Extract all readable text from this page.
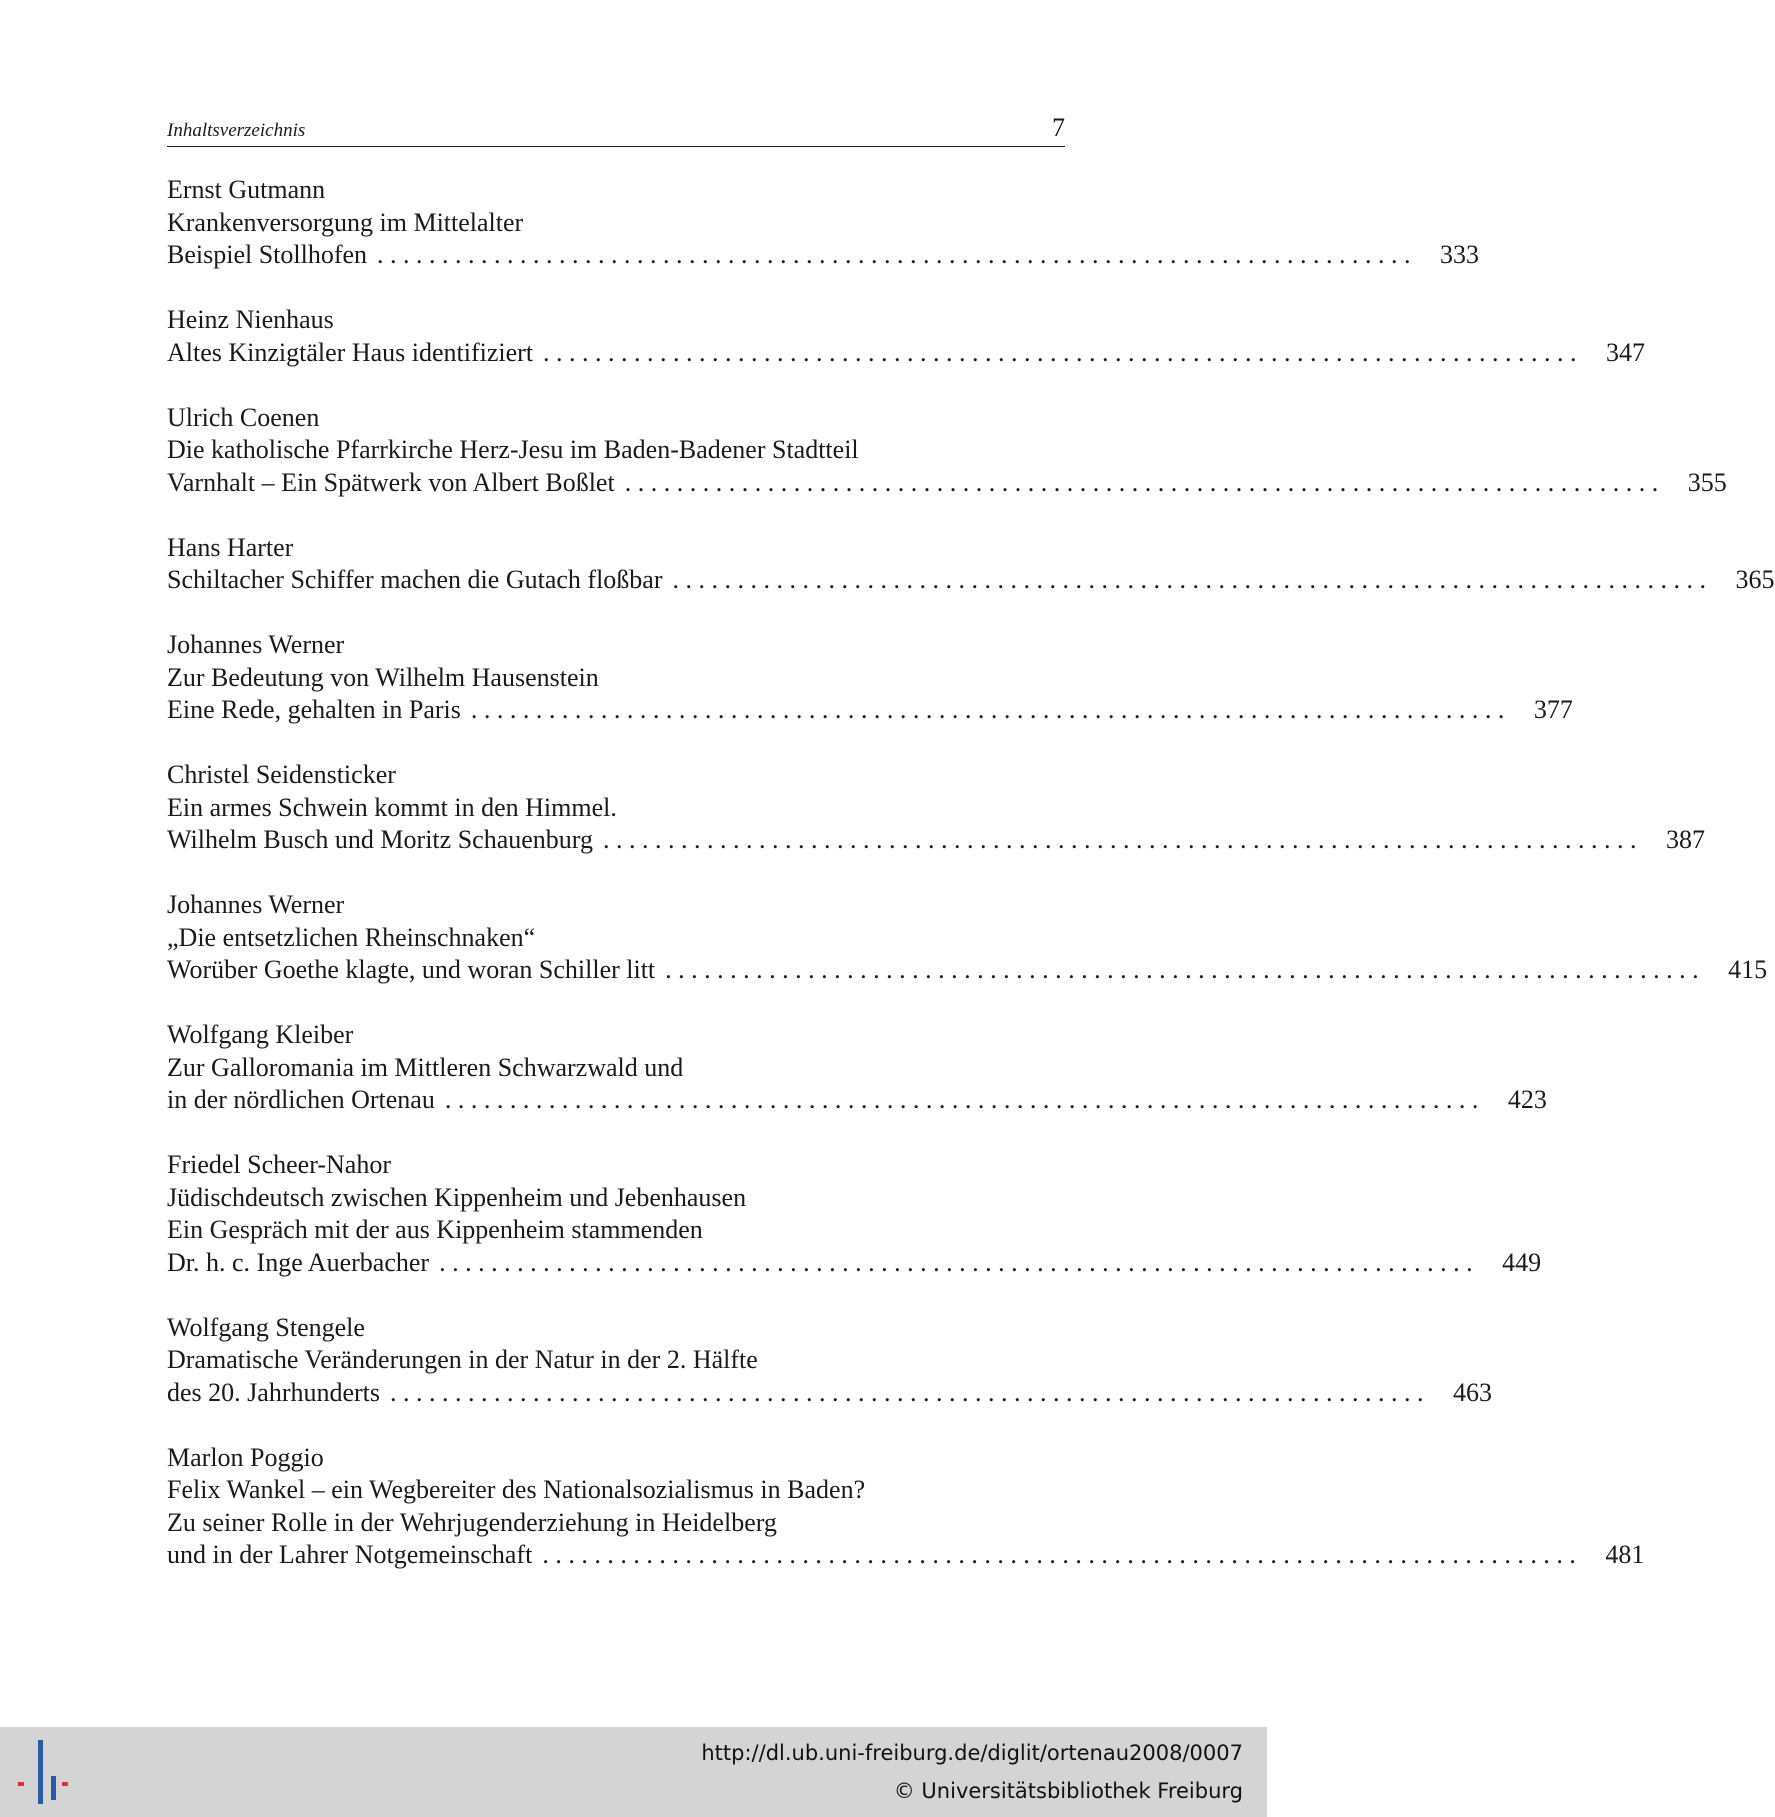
Inhaltsverzeichnis	7
Ernst Gutmann
Krankenversorgung im Mittelalter
Beispiel Stollhofen ................................................................................ 333
Heinz Nienhaus
Altes Kinzigtäler Haus identifiziert ................................................................................ 347
Ulrich Coenen
Die katholische Pfarrkirche Herz-Jesu im Baden-Badener Stadtteil
Varnhalt – Ein Spätwerk von Albert Boßlet ................................................................................ 355
Hans Harter
Schiltacher Schiffer machen die Gutach floßbar ................................................................................ 365
Johannes Werner
Zur Bedeutung von Wilhelm Hausenstein
Eine Rede, gehalten in Paris ................................................................................ 377
Christel Seidensticker
Ein armes Schwein kommt in den Himmel.
Wilhelm Busch und Moritz Schauenburg ................................................................................ 387
Johannes Werner
„Die entsetzlichen Rheinschnaken“
Worüber Goethe klagte, und woran Schiller litt ................................................................................ 415
Wolfgang Kleiber
Zur Galloromania im Mittleren Schwarzwald und
in der nördlichen Ortenau ................................................................................ 423
Friedel Scheer-Nahor
Jüdischdeutsch zwischen Kippenheim und Jebenhausen
Ein Gespräch mit der aus Kippenheim stammenden
Dr. h. c. Inge Auerbacher ................................................................................ 449
Wolfgang Stengele
Dramatische Veränderungen in der Natur in der 2. Hälfte
des 20. Jahrhunderts ................................................................................ 463
Marlon Poggio
Felix Wankel – ein Wegbereiter des Nationalsozialismus in Baden?
Zu seiner Rolle in der Wehrjugenderziehung in Heidelberg
und in der Lahrer Notgemeinschaft ................................................................................ 481
http://dl.ub.uni-freiburg.de/diglit/ortenau2008/0007
© Universitätsbibliothek Freiburg
